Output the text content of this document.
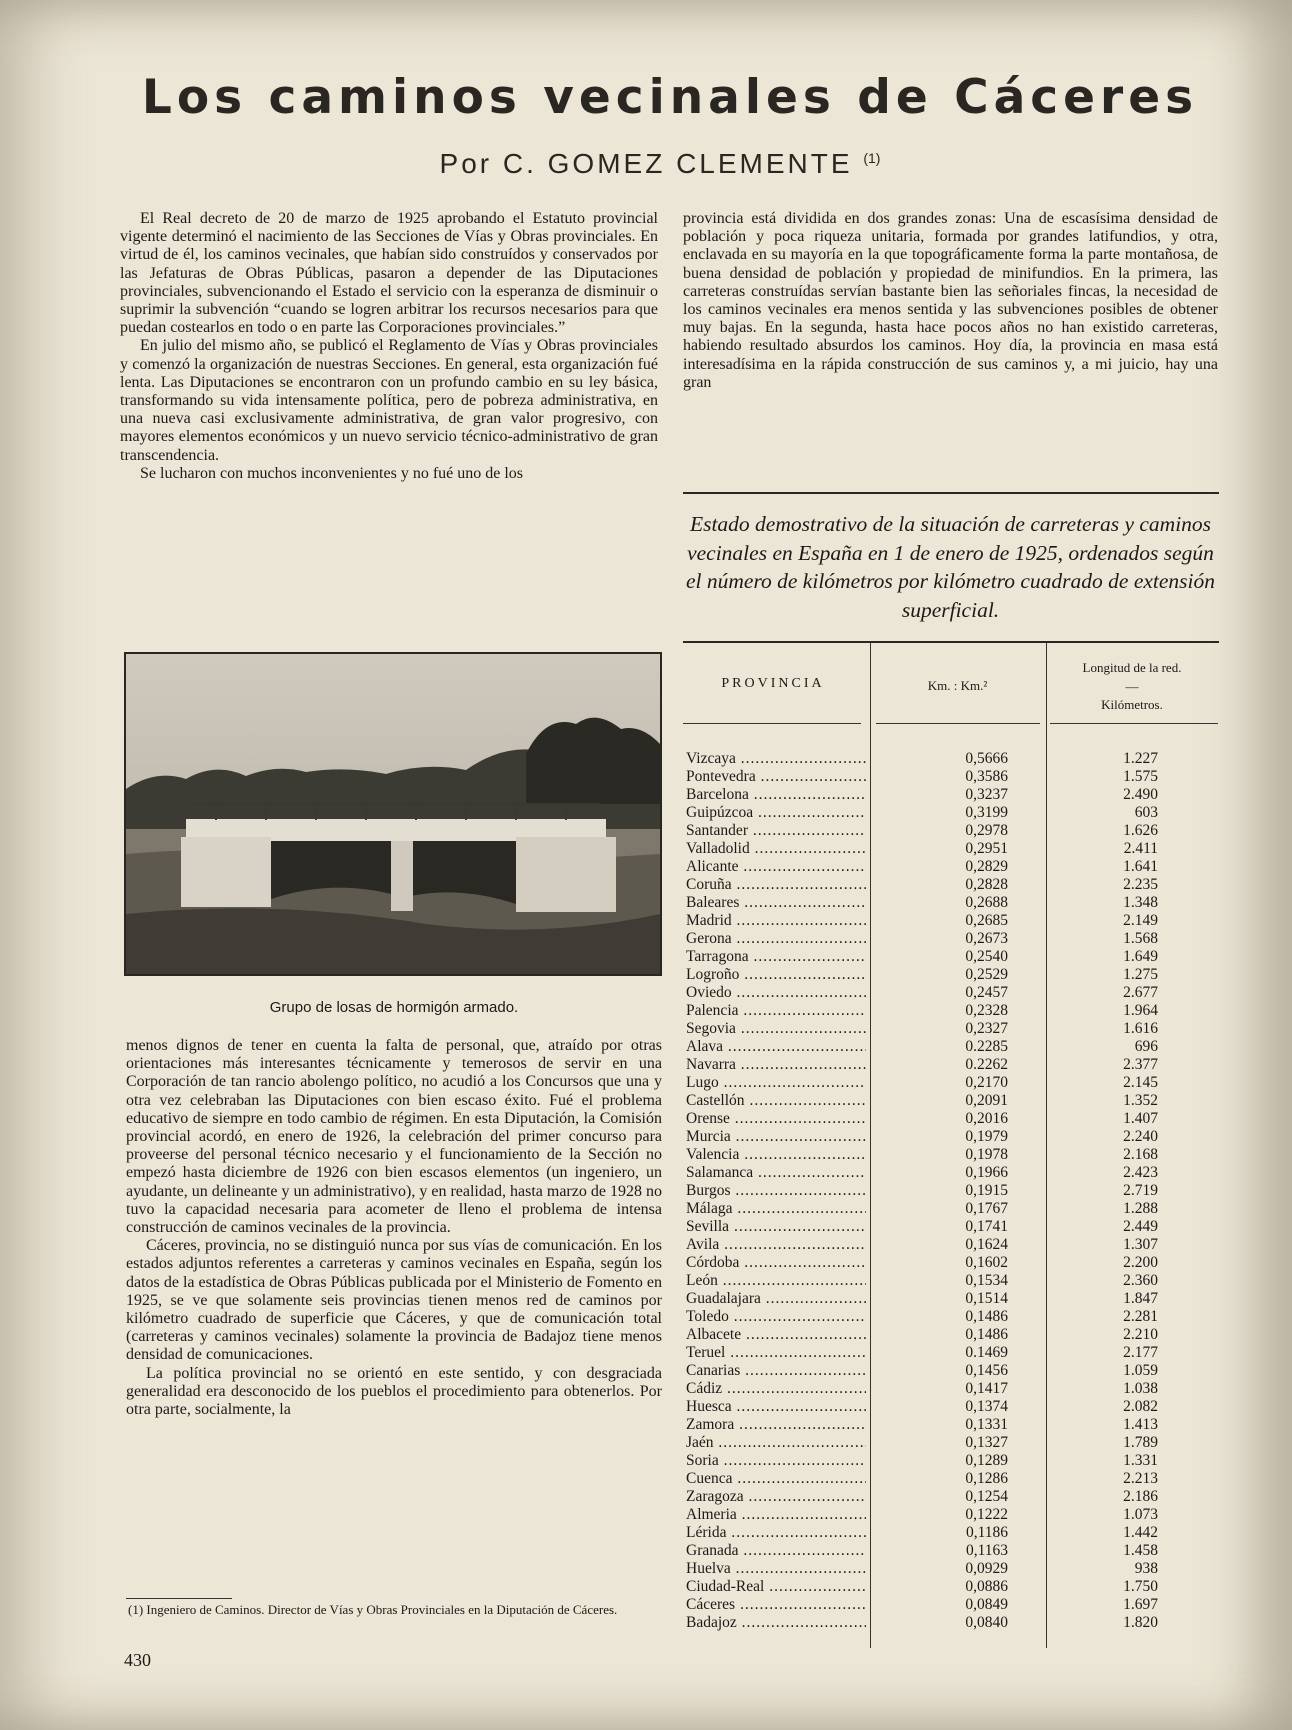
Los caminos vecinales de Cáceres
Por C. GOMEZ CLEMENTE $^{(1)}$

El Real decreto de 20 de marzo de 1925 aprobando el Estatuto provincial vigente determinó el nacimiento de las Secciones de Vías y Obras provinciales. En virtud de él, los caminos vecinales, que habían sido construídos y conservados por las Jefaturas de Obras Públicas, pasaron a depender de las Diputaciones provinciales, subvencionando el Estado el servicio con la esperanza de disminuir o suprimir la subvención “cuando se logren arbitrar los recursos necesarios para que puedan costearlos en todo o en parte las Corporaciones provinciales.”

En julio del mismo año, se publicó el Reglamento de Vías y Obras provinciales y comenzó la organización de nuestras Secciones. En general, esta organización fué lenta. Las Diputaciones se encontraron con un profundo cambio en su ley básica, transformando su vida intensamente política, pero de pobreza administrativa, en una nueva casi exclusivamente administrativa, de gran valor progresivo, con mayores elementos económicos y un nuevo servicio técnico-administrativo de gran transcendencia.

Se lucharon con muchos inconvenientes y no fué uno de los

Grupo de losas de hormigón armado.

menos dignos de tener en cuenta la falta de personal, que, atraído por otras orientaciones más interesantes técnicamente y temerosos de servir en una Corporación de tan rancio abolengo político, no acudió a los Concursos que una y otra vez celebraban las Diputaciones con bien escaso éxito. Fué el problema educativo de siempre en todo cambio de régimen. En esta Diputación, la Comisión provincial acordó, en enero de 1926, la celebración del primer concurso para proveerse del personal técnico necesario y el funcionamiento de la Sección no empezó hasta diciembre de 1926 con bien escasos elementos (un ingeniero, un ayudante, un delineante y un administrativo), y en realidad, hasta marzo de 1928 no tuvo la capacidad necesaria para acometer de lleno el problema de intensa construcción de caminos vecinales de la provincia.

Cáceres, provincia, no se distinguió nunca por sus vías de comunicación. En los estados adjuntos referentes a carreteras y caminos vecinales en España, según los datos de la estadística de Obras Públicas publicada por el Ministerio de Fomento en 1925, se ve que solamente seis provincias tienen menos red de caminos por kilómetro cuadrado de superficie que Cáceres, y que de comunicación total (carreteras y caminos vecinales) solamente la provincia de Badajoz tiene menos densidad de comunicaciones.

La política provincial no se orientó en este sentido, y con desgraciada generalidad era desconocido de los pueblos el procedimiento para obtenerlos. Por otra parte, socialmente, la

(1) Ingeniero de Caminos. Director de Vías y Obras Provinciales en la Diputación de Cáceres.
430

provincia está dividida en dos grandes zonas: Una de escasísima densidad de población y poca riqueza unitaria, formada por grandes latifundios, y otra, enclavada en su mayoría en la que topográficamente forma la parte montañosa, de buena densidad de población y propiedad de minifundios. En la primera, las carreteras construídas servían bastante bien las señoriales fincas, la necesidad de los caminos vecinales era menos sentida y las subvenciones posibles de obtener muy bajas. En la segunda, hasta hace pocos años no han existido carreteras, habiendo resultado absurdos los caminos. Hoy día, la provincia en masa está interesadísima en la rápida construcción de sus caminos y, a mi juicio, hay una gran

Estado demostrativo de la situación de carreteras y caminos vecinales en España en 1 de enero de 1925, ordenados según el número de kilómetros por kilómetro cuadrado de extensión superficial.
PROVINCIA	Km. : Km.²
Longitud de la red.
—
Kilómetros.
Vizcaya .....	0,5666	1.227
Pontevedra .....	0,3586	1.575
Barcelona .....	0,3237	2.490
Guipúzcoa .....	0,3199	603
Santander .....	0,2978	1.626
Valladolid .....	0,2951	2.411
Alicante .....	0,2829	1.641
Coruña .....	0,2828	2.235
Baleares .....	0,2688	1.348
Madrid .....	0,2685	2.149
Gerona .....	0,2673	1.568
Tarragona .....	0,2540	1.649
Logroño .....	0,2529	1.275
Oviedo .....	0,2457	2.677
Palencia .....	0,2328	1.964
Segovia .....	0,2327	1.616
Alava .....	0.2285	696
Navarra .....	0.2262	2.377
Lugo .....	0,2170	2.145
Castellón .....	0,2091	1.352
Orense .....	0,2016	1.407
Murcia .....	0,1979	2.240
Valencia .....	0,1978	2.168
Salamanca .....	0,1966	2.423
Burgos .....	0,1915	2.719
Málaga .....	0,1767	1.288
Sevilla .....	0,1741	2.449
Avila .....	0,1624	1.307
Córdoba .....	0,1602	2.200
León .....	0,1534	2.360
Guadalajara .....	0,1514	1.847
Toledo .....	0,1486	2.281
Albacete .....	0,1486	2.210
Teruel .....	0.1469	2.177
Canarias .....	0,1456	1.059
Cádiz .....	0,1417	1.038
Huesca .....	0,1374	2.082
Zamora .....	0,1331	1.413
Jaén .....	0,1327	1.789
Soria .....	0,1289	1.331
Cuenca .....	0,1286	2.213
Zaragoza .....	0,1254	2.186
Almeria .....	0,1222	1.073
Lérida .....	0,1186	1.442
Granada .....	0,1163	1.458
Huelva .....	0,0929	938
Ciudad-Real .....	0,0886	1.750
Cáceres .....	0,0849	1.697
Badajoz .....	0,0840	1.820
